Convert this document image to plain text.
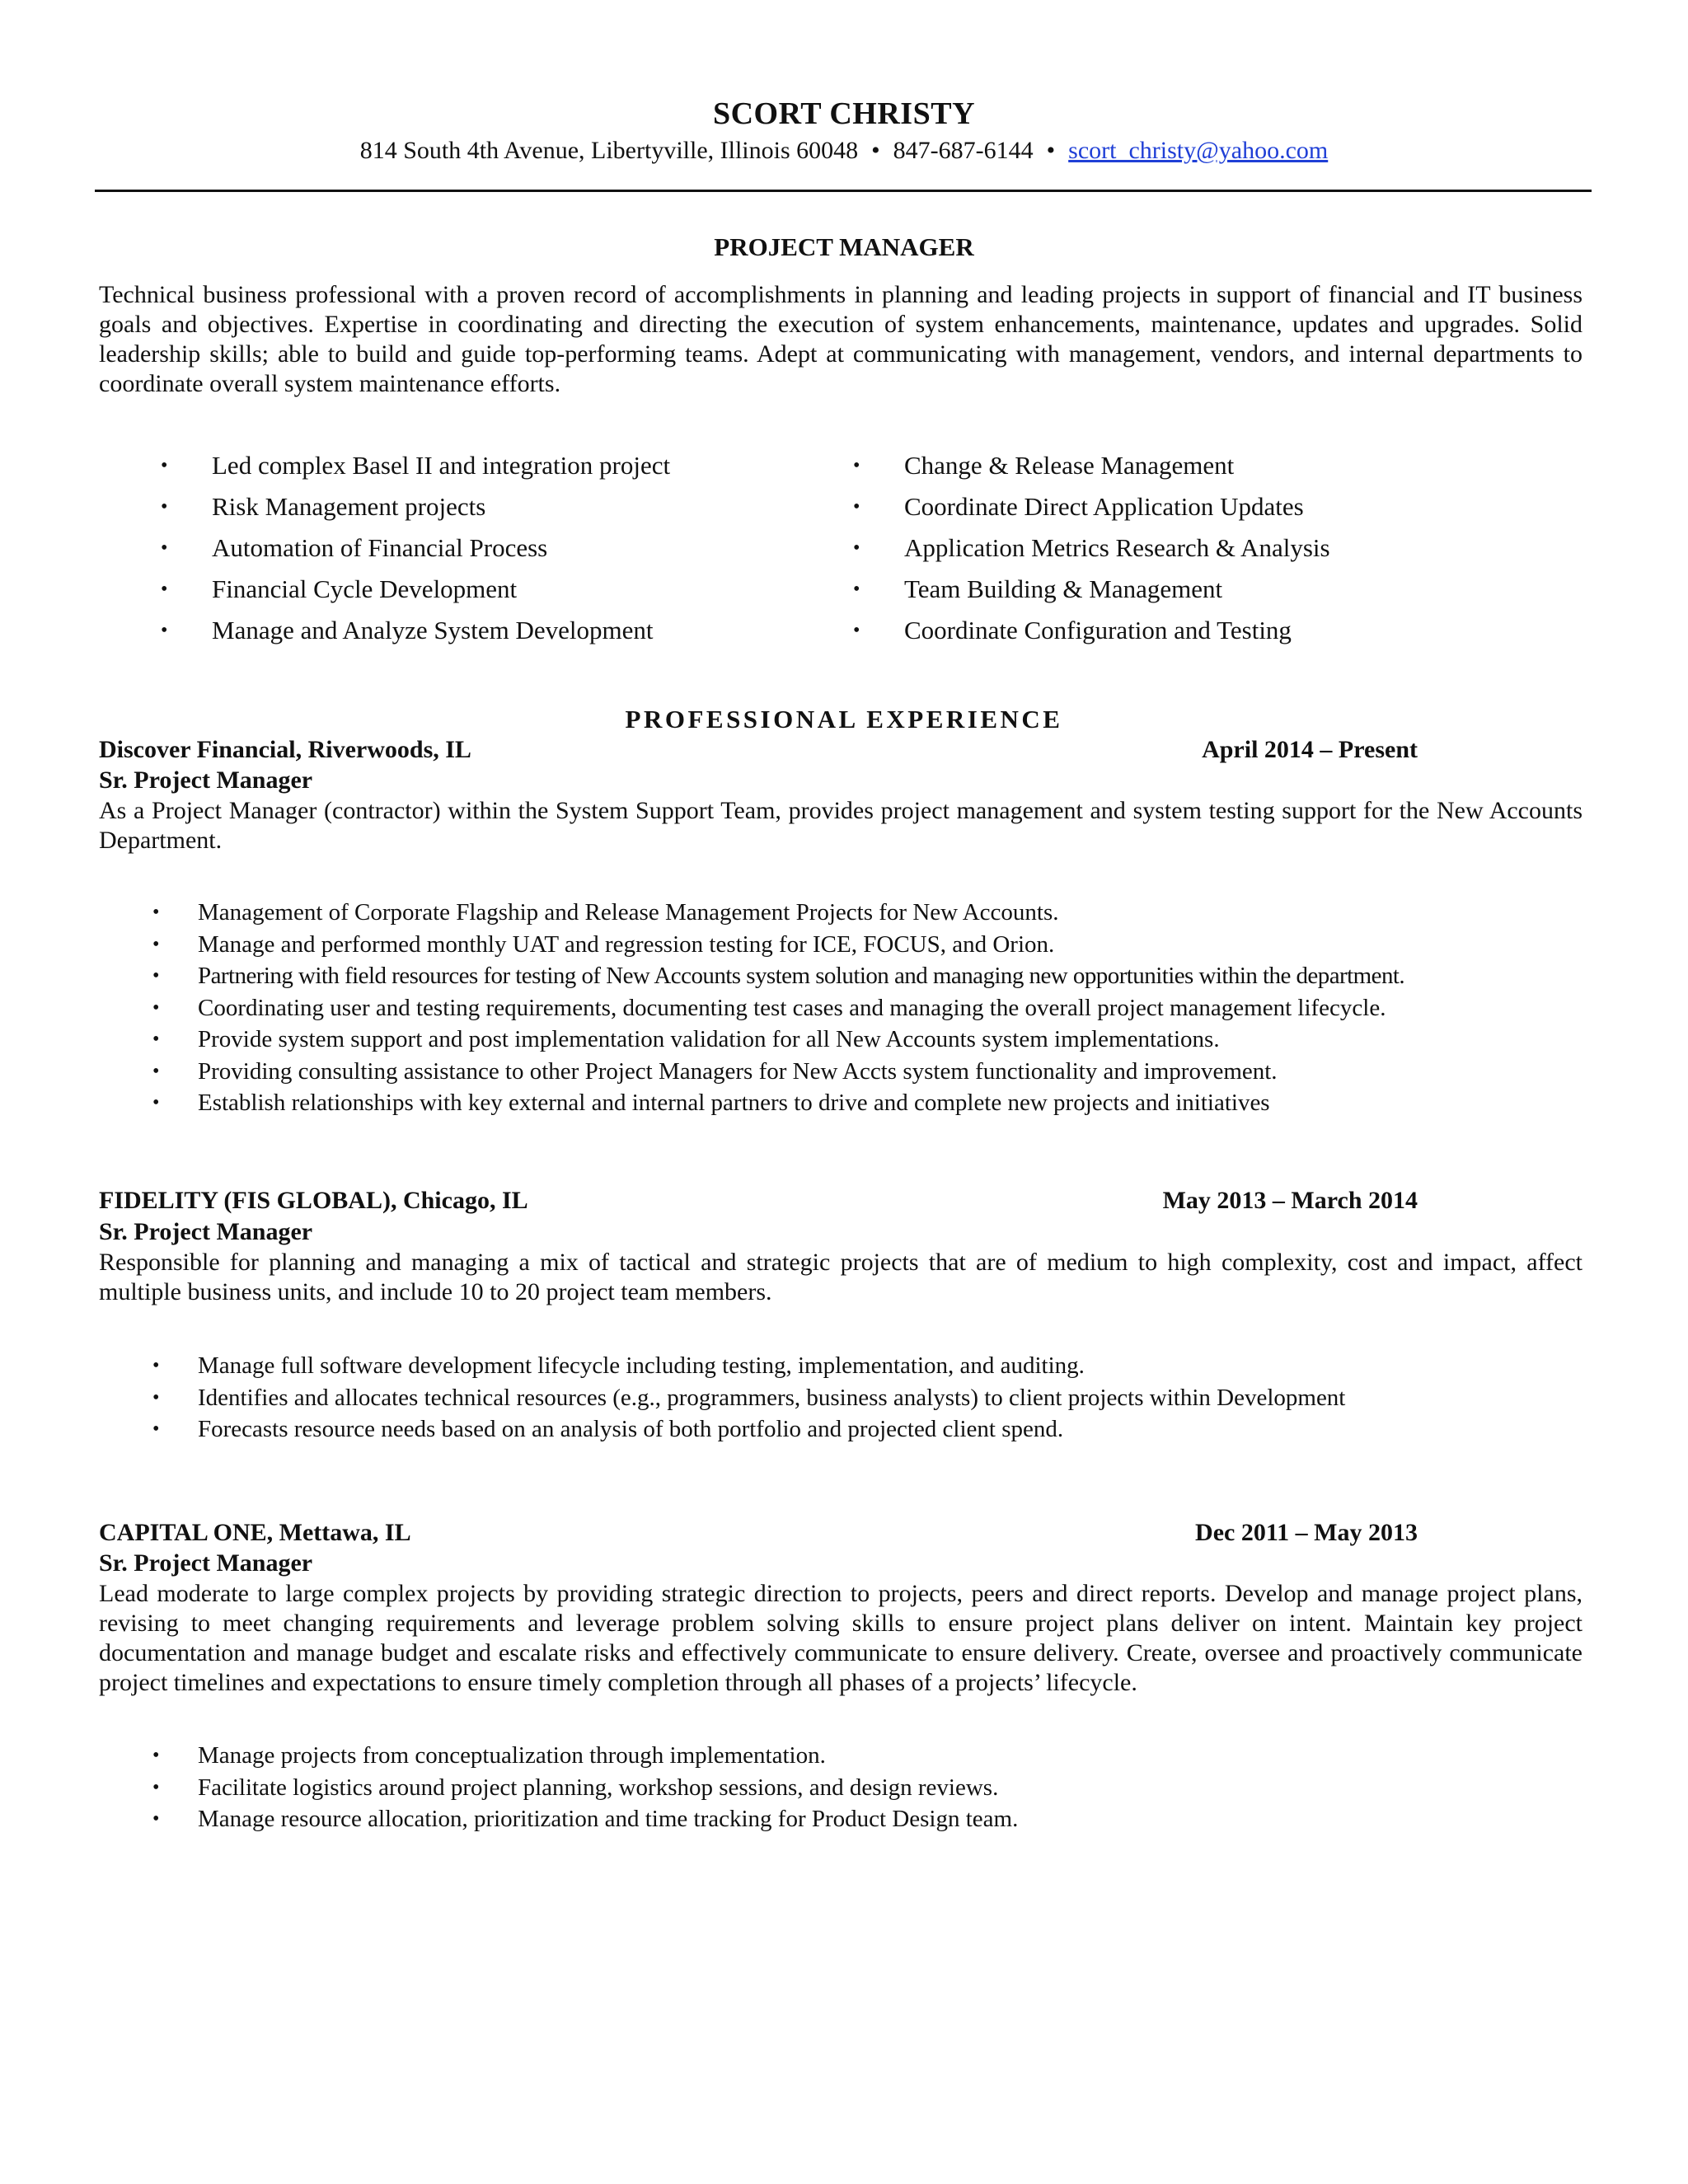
SCORT CHRISTY
814 South 4th Avenue, Libertyville, Illinois 60048 • 847-687-6144 • scort_christy@yahoo.com
PROJECT MANAGER
Technical business professional with a proven record of accomplishments in planning and leading projects in support of financial and IT business goals and objectives. Expertise in coordinating and directing the execution of system enhancements, maintenance, updates and upgrades. Solid leadership skills; able to build and guide top-performing teams. Adept at communicating with management, vendors, and internal departments to coordinate overall system maintenance efforts.
• Led complex Basel II and integration project
• Risk Management projects
• Automation of Financial Process
• Financial Cycle Development
• Manage and Analyze System Development
• Change & Release Management
• Coordinate Direct Application Updates
• Application Metrics Research & Analysis
• Team Building & Management
• Coordinate Configuration and Testing
PROFESSIONAL EXPERIENCE
Discover Financial, Riverwoods, IL	April 2014 – Present
Sr. Project Manager
As a Project Manager (contractor) within the System Support Team, provides project management and system testing support for the New Accounts Department.
• Management of Corporate Flagship and Release Management Projects for New Accounts.
• Manage and performed monthly UAT and regression testing for ICE, FOCUS, and Orion.
• Partnering with field resources for testing of New Accounts system solution and managing new opportunities within the department.
• Coordinating user and testing requirements, documenting test cases and managing the overall project management lifecycle.
• Provide system support and post implementation validation for all New Accounts system implementations.
• Providing consulting assistance to other Project Managers for New Accts system functionality and improvement.
• Establish relationships with key external and internal partners to drive and complete new projects and initiatives
FIDELITY (FIS GLOBAL), Chicago, IL	May 2013 – March 2014
Sr. Project Manager
Responsible for planning and managing a mix of tactical and strategic projects that are of medium to high complexity, cost and impact, affect multiple business units, and include 10 to 20 project team members.
• Manage full software development lifecycle including testing, implementation, and auditing.
• Identifies and allocates technical resources (e.g., programmers, business analysts) to client projects within Development
• Forecasts resource needs based on an analysis of both portfolio and projected client spend.
CAPITAL ONE, Mettawa, IL	Dec 2011 – May 2013
Sr. Project Manager
Lead moderate to large complex projects by providing strategic direction to projects, peers and direct reports. Develop and manage project plans, revising to meet changing requirements and leverage problem solving skills to ensure project plans deliver on intent. Maintain key project documentation and manage budget and escalate risks and effectively communicate to ensure delivery. Create, oversee and proactively communicate project timelines and expectations to ensure timely completion through all phases of a projects’ lifecycle.
• Manage projects from conceptualization through implementation.
• Facilitate logistics around project planning, workshop sessions, and design reviews.
• Manage resource allocation, prioritization and time tracking for Product Design team.
